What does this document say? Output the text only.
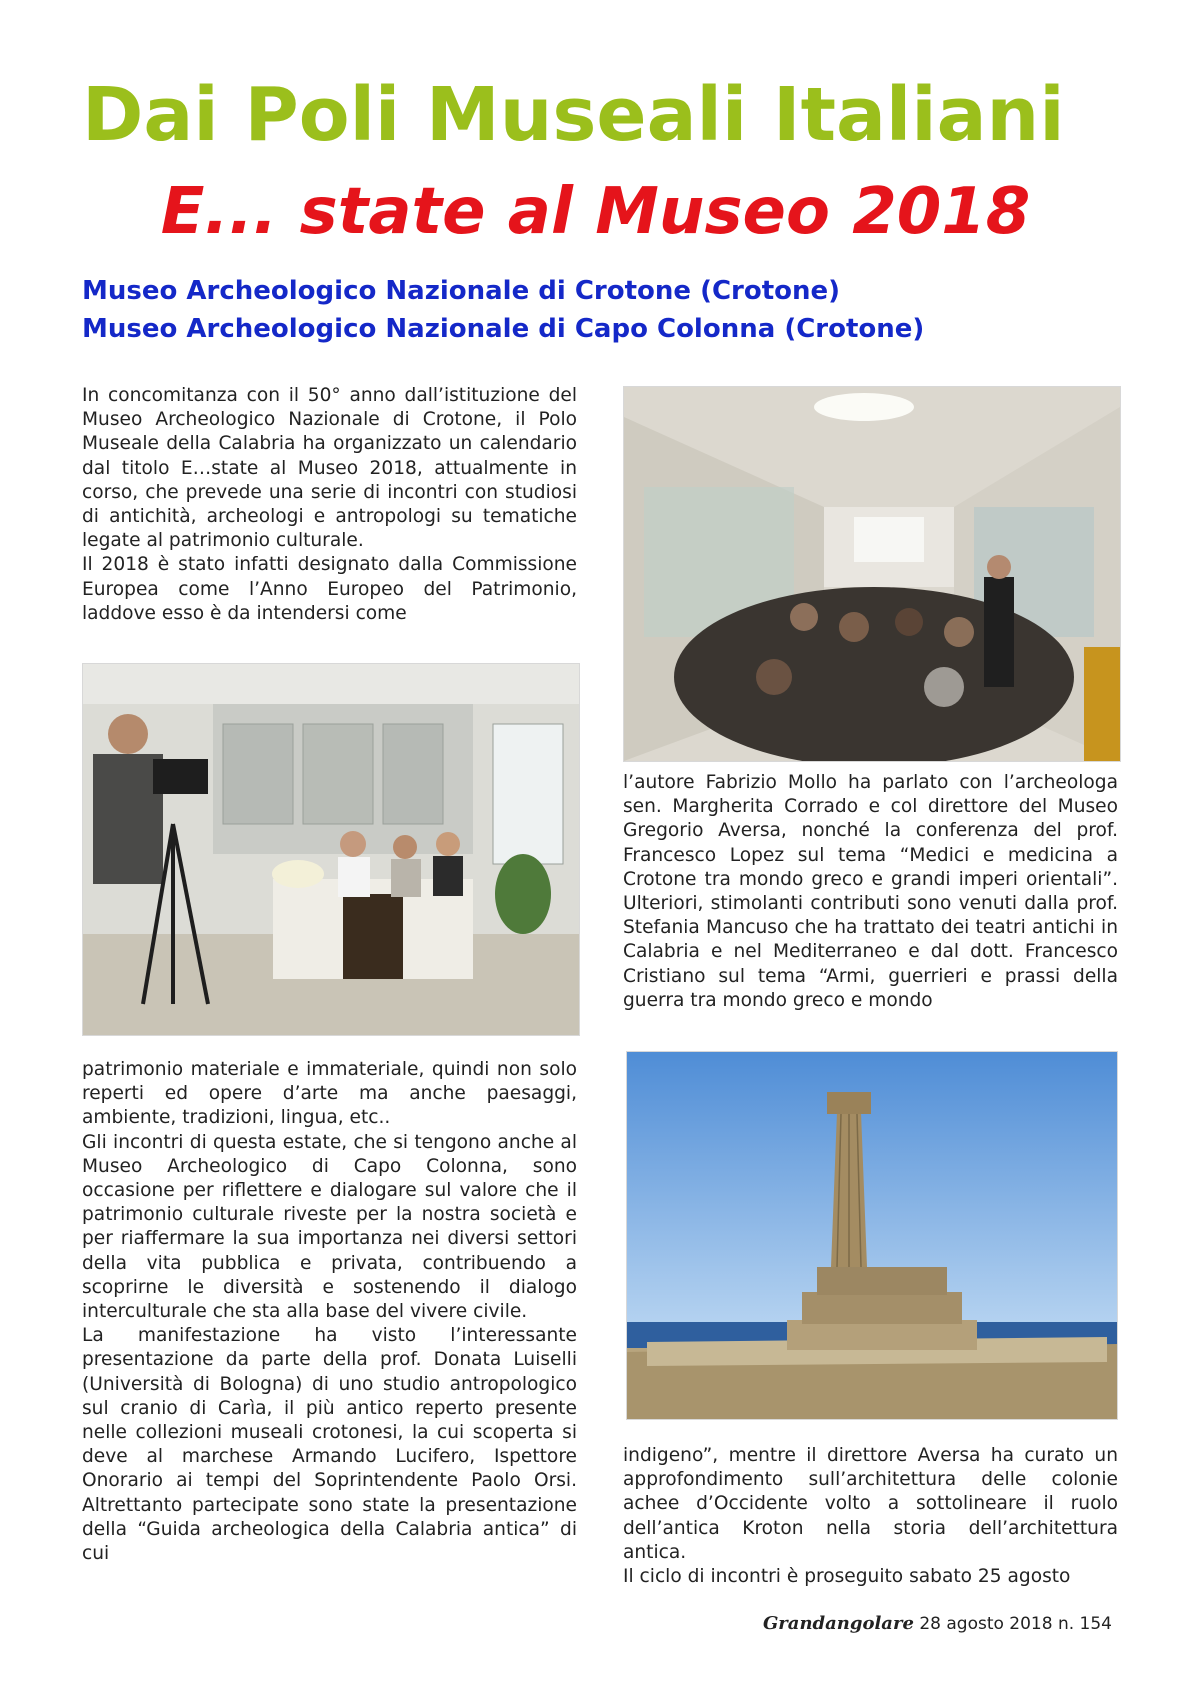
Dai Poli Museali Italiani
E... state al Museo 2018

Museo Archeologico Nazionale di Crotone (Crotone)

Museo Archeologico Nazionale di Capo Colonna (Crotone)

In concomitanza con il 50° anno dall’istituzione del Museo Archeologico Nazionale di Crotone, il Polo Museale della Calabria ha organizzato un calendario dal titolo E…state al Museo 2018, attualmente in corso, che prevede una serie di incontri con studiosi di antichità, archeologi e antropologi su tematiche legate al patrimonio culturale.

Il 2018 è stato infatti designato dalla Commissione Europea come l’Anno Europeo del Patrimonio, laddove esso è da intendersi come

patrimonio materiale e immateriale, quindi non solo reperti ed opere d’arte ma anche paesaggi, ambiente, tradizioni, lingua, etc..

Gli incontri di questa estate, che si tengono anche al Museo Archeologico di Capo Colonna, sono occasione per riflettere e dialogare sul valore che il patrimonio culturale riveste per la nostra società e per riaffermare la sua importanza nei diversi settori della vita pubblica e privata, contribuendo a scoprirne le diversità e sostenendo il dialogo interculturale che sta alla base del vivere civile.

La manifestazione ha visto l’interessante presentazione da parte della prof. Donata Luiselli (Università di Bologna) di uno studio antropologico sul cranio di Carìa, il più antico reperto presente nelle collezioni museali crotonesi, la cui scoperta si deve al marchese Armando Lucifero, Ispettore Onorario ai tempi del Soprintendente Paolo Orsi. Altrettanto partecipate sono state la presentazione della “Guida archeologica della Calabria antica” di cui

l’autore Fabrizio Mollo ha parlato con l’archeologa sen. Margherita Corrado e col direttore del Museo Gregorio Aversa, nonché la conferenza del prof. Francesco Lopez sul tema “Medici e medicina a Crotone tra mondo greco e grandi imperi orientali”. Ulteriori, stimolanti contributi sono venuti dalla prof. Stefania Mancuso che ha trattato dei teatri antichi in Calabria e nel Mediterraneo e dal dott. Francesco Cristiano sul tema “Armi, guerrieri e prassi della guerra tra mondo greco e mondo

indigeno”, mentre il direttore Aversa ha curato un approfondimento sull’architettura delle colonie achee d’Occidente volto a sottolineare il ruolo dell’antica Kroton nella storia dell’architettura antica.

Il ciclo di incontri è proseguito sabato 25 agosto

Grandangolare 28 agosto 2018 n. 154
